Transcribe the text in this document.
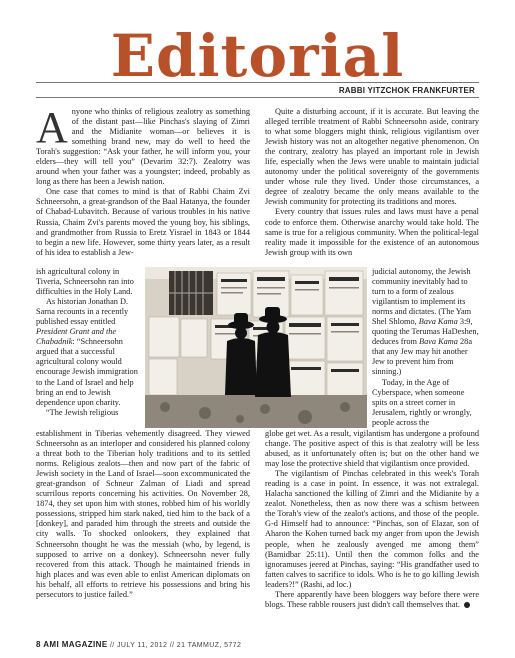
Editorial
RABBI YITZCHOK FRANKFURTER

Anyone who thinks of religious zealotry as something of the distant past—like Pinchas's slaying of Zimri and the Midianite woman—or believes it is something brand new, may do well to heed the Torah's suggestion: “Ask your father, he will inform you, your elders—they will tell you” (Devarim 32:7). Zealotry was around when your father was a youngster; indeed, probably as long as there has been a Jewish nation.

One case that comes to mind is that of Rabbi Chaim Zvi Schneersohn, a great-grandson of the Baal Hatanya, the founder of Chabad-Lubavitch. Because of various troubles in his native Russia, Chaim Zvi's parents moved the young boy, his siblings, and grandmother from Russia to Eretz Yisrael in 1843 or 1844 to begin a new life. However, some thirty years later, as a result of his idea to establish a Jew-

ish agricultural colony in Tiveria, Schneersohn ran into difficulties in the Holy Land.

As historian Jonathan D. Sarna recounts in a recently published essay entitled President Grant and the Chabadnik: “Schneersohn argued that a successful agricultural colony would encourage Jewish immigration to the Land of Israel and help bring an end to Jewish dependence upon charity.

“The Jewish religious

establishment in Tiberias vehemently disagreed. They viewed Schneersohn as an interloper and considered his planned colony a threat both to the Tiberian holy traditions and to its settled norms. Religious zealots—then and now part of the fabric of Jewish society in the Land of Israel—soon excommunicated the great-grandson of Schneur Zalman of Liadi and spread scurrilous reports concerning his activities. On November 28, 1874, they set upon him with stones, robbed him of his worldly possessions, stripped him stark naked, tied him to the back of a [donkey], and paraded him through the streets and outside the city walls. To shocked onlookers, they explained that Schneersohn thought he was the messiah (who, by legend, is supposed to arrive on a donkey). Schneersohn never fully recovered from this attack. Though he maintained friends in high places and was even able to enlist American diplomats on his behalf, all efforts to retrieve his possessions and bring his persecutors to justice failed.”

Quite a disturbing account, if it is accurate. But leaving the alleged terrible treatment of Rabbi Schneersohn aside, contrary to what some bloggers might think, religious vigilantism over Jewish history was not an altogether negative phenomenon. On the contrary, zealotry has played an important role in Jewish life, especially when the Jews were unable to maintain judicial autonomy under the political sovereignty of the governments under whose rule they lived. Under those circumstances, a degree of zealotry became the only means available to the Jewish community for protecting its traditions and mores.

Every country that issues rules and laws must have a penal code to enforce them. Otherwise anarchy would take hold. The same is true for a religious community. When the political-legal reality made it impossible for the existence of an autonomous Jewish group with its own

judicial autonomy, the Jewish community inevitably had to turn to a form of zealous vigilantism to implement its norms and dictates. (The Yam Shel Shlomo, Bava Kama 3:9, quoting the Terumas HaDeshen, deduces from Bava Kama 28a that any Jew may hit another Jew to prevent him from sinning.)

Today, in the Age of Cyberspace, when someone spits on a street corner in Jerusalem, rightly or wrongly, people across the

globe get wet. As a result, vigilantism has undergone a profound change. The positive aspect of this is that zealotry will be less abused, as it unfortunately often is; but on the other hand we may lose the protective shield that vigilantism once provided.

The vigilantism of Pinchas celebrated in this week's Torah reading is a case in point. In essence, it was not extralegal. Halacha sanctioned the killing of Zimri and the Midianite by a zealot. Nonetheless, then as now there was a schism between the Torah's view of the zealot's actions, and those of the people. G-d Himself had to announce: “Pinchas, son of Elazar, son of Aharon the Kohen turned back my anger from upon the Jewish people, when he zealously avenged me among them” (Bamidbar 25:11). Until then the common folks and the ignoramuses jeered at Pinchas, saying: “His grandfather used to fatten calves to sacrifice to idols. Who is he to go killing Jewish leaders?!” (Rashi, ad loc.)

There apparently have been bloggers way before there were blogs. These rabble rousers just didn't call themselves that.

8 AMI MAGAZINE // JULY 11, 2012 // 21 TAMMUZ, 5772
